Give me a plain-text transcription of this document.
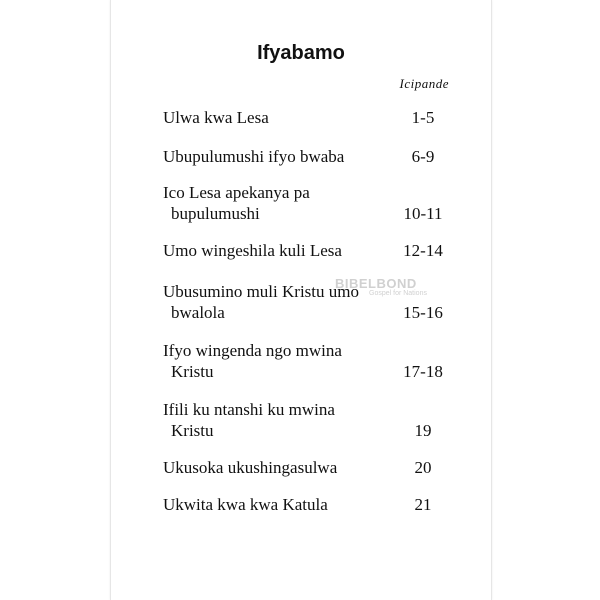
Ifyabamo
Icipande
Ulwa kwa Lesa	1-5
Ubupulumushi ifyo bwaba	6-9
Ico Lesa apekanya pa
bupulumushi	10-11
Umo wingeshila kuli Lesa	12-14
Ubusumino muli Kristu umo
bwalola	15-16
Ifyo wingenda ngo mwina
Kristu	17-18
Ifili ku ntanshi ku mwina
Kristu	19
Ukusoka ukushingasulwa	20
Ukwita kwa kwa Katula	21
BIBELBOND
Gospel for Nations
